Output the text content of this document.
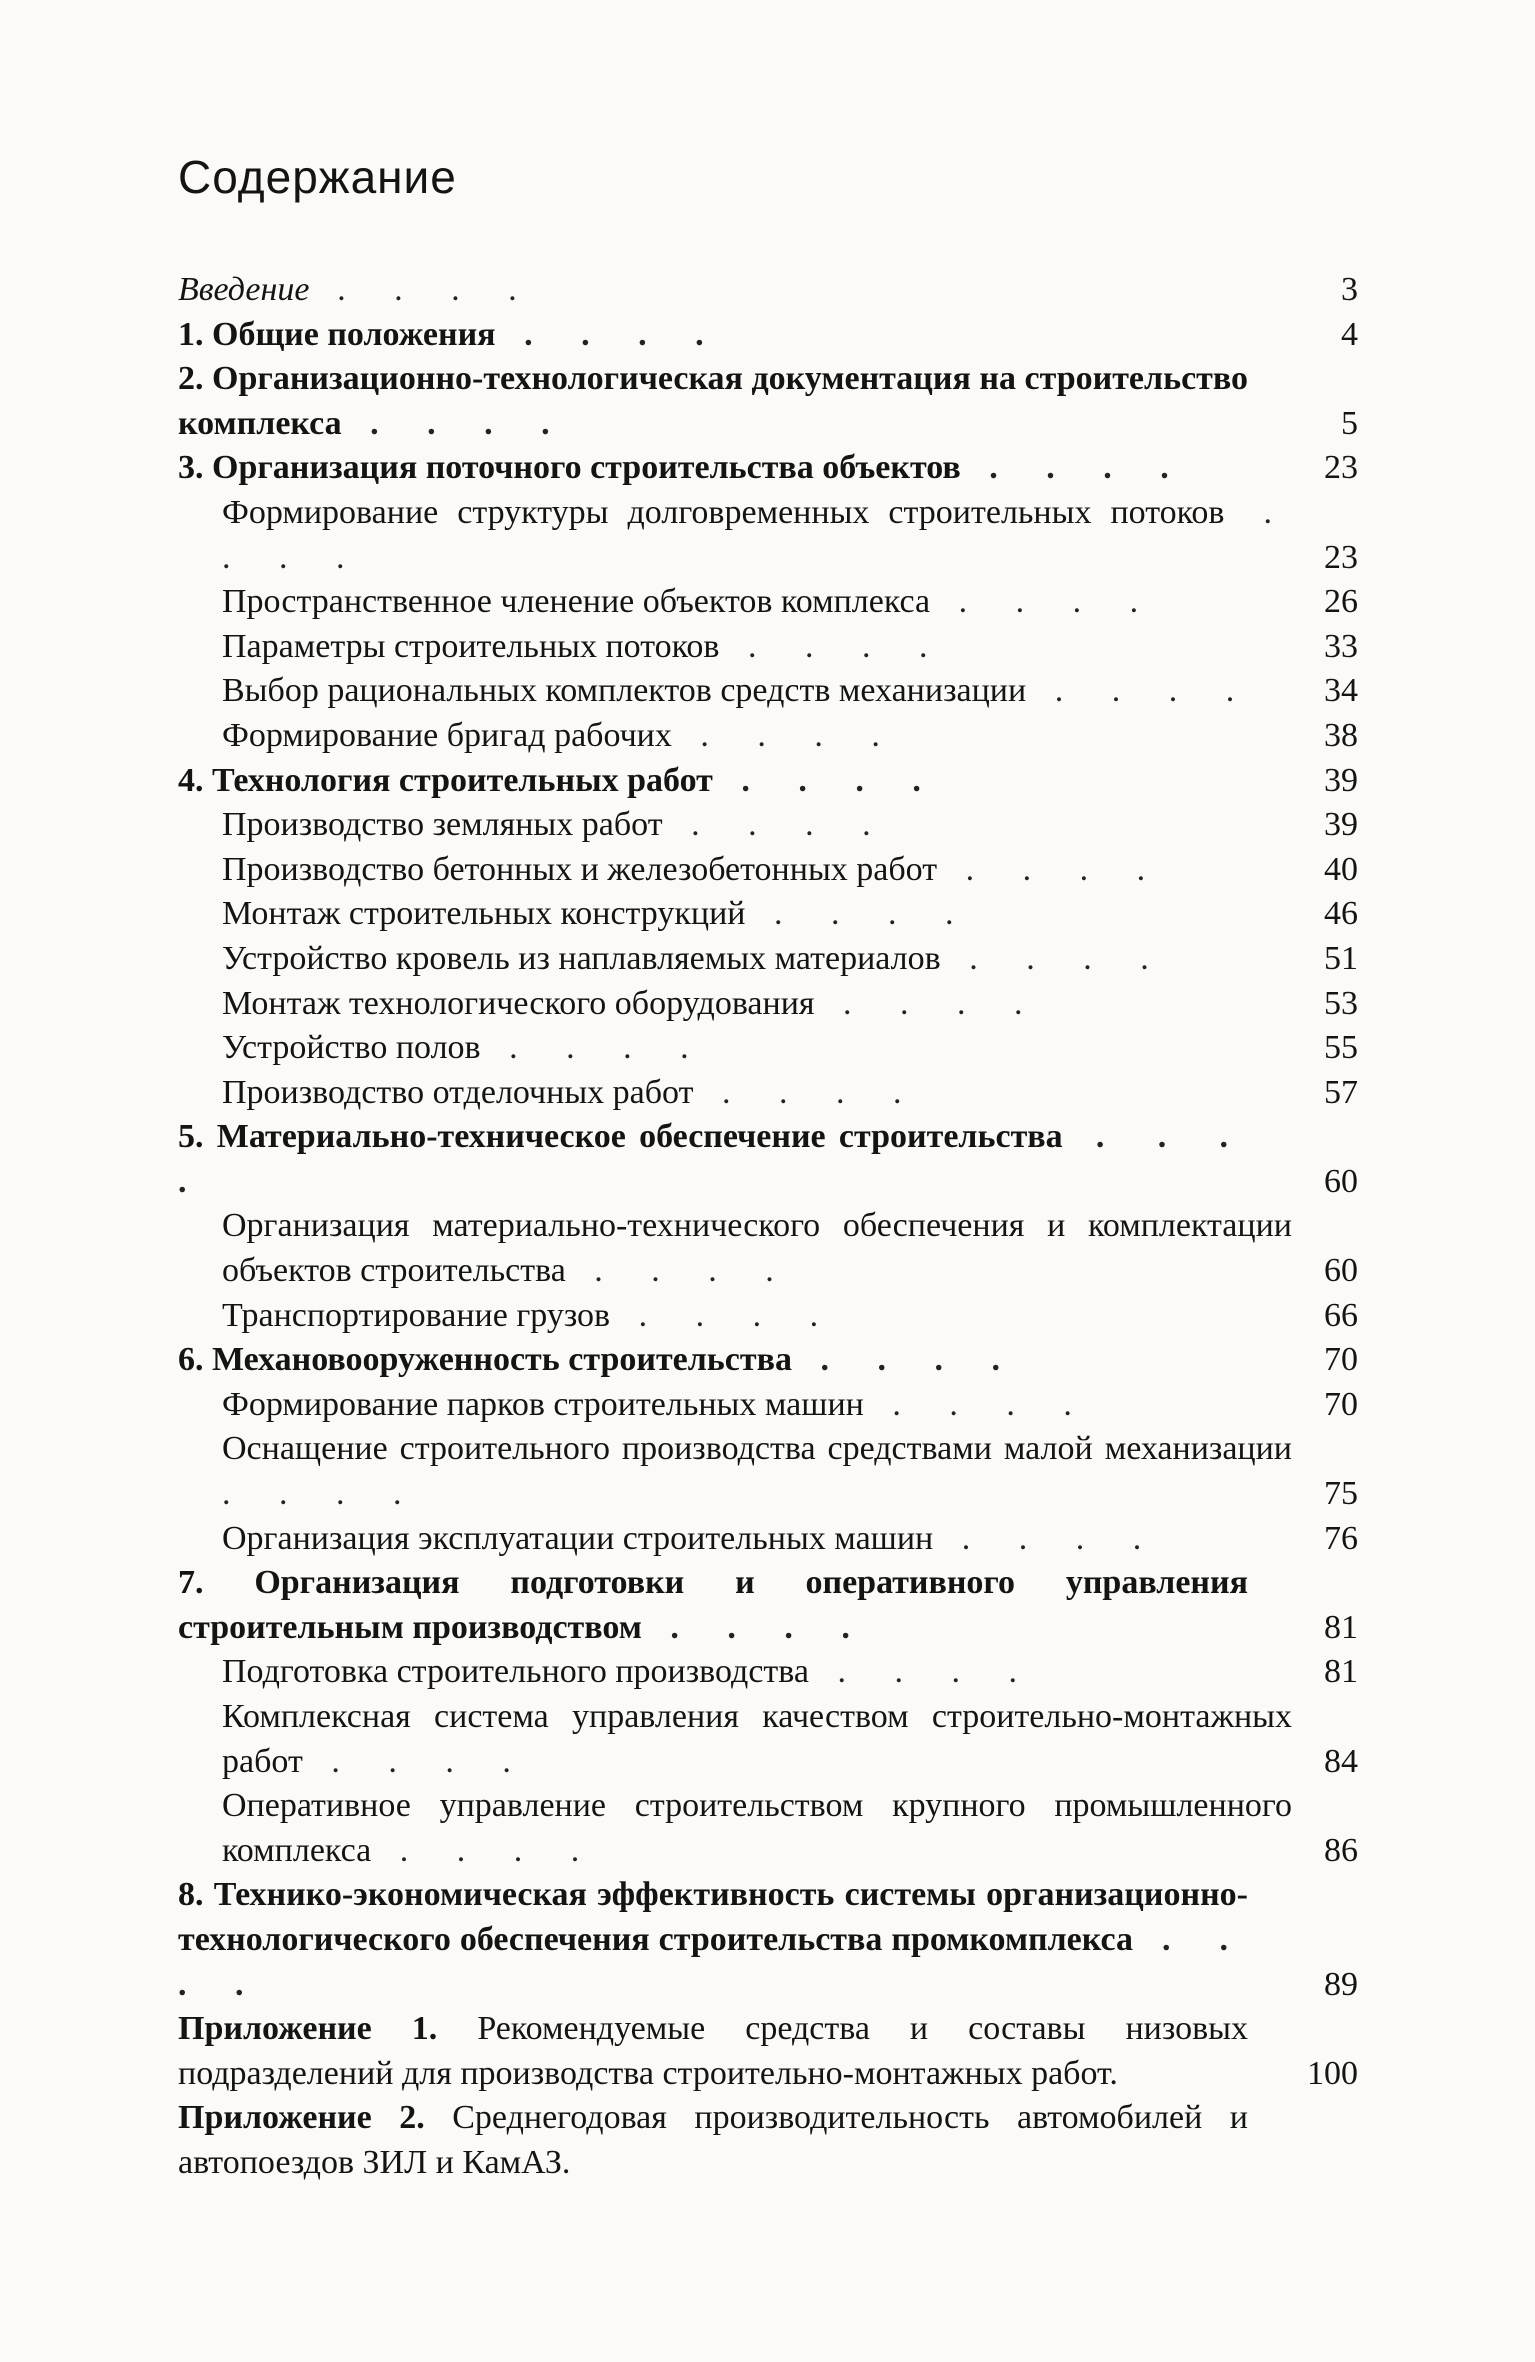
Содержание
Введение . . . .	3
1. Общие положения . . . .	4
2. Организационно-технологическая документация на строительство комплекса . . . .	5
3. Организация поточного строительства объектов . . . .	23
Формирование структуры долговременных строительных потоков . . . .	23
Пространственное членение объектов комплекса . . . .	26
Параметры строительных потоков . . . .	33
Выбор рациональных комплектов средств механизации . . . .	34
Формирование бригад рабочих . . . .	38
4. Технология строительных работ . . . .	39
Производство земляных работ . . . .	39
Производство бетонных и железобетонных работ . . . .	40
Монтаж строительных конструкций . . . .	46
Устройство кровель из наплавляемых материалов . . . .	51
Монтаж технологического оборудования . . . .	53
Устройство полов . . . .	55
Производство отделочных работ . . . .	57
5. Материально-техническое обеспечение строительства . . . .	60
Организация материально-технического обеспечения и комплектации объектов строительства . . . .	60
Транспортирование грузов . . . .	66
6. Механовооруженность строительства . . . .	70
Формирование парков строительных машин . . . .	70
Оснащение строительного производства средствами малой механизации . . . .	75
Организация эксплуатации строительных машин . . . .	76
7. Организация подготовки и оперативного управления строительным производством . . . .	81
Подготовка строительного производства . . . .	81
Комплексная система управления качеством строительно-монтажных работ . . . .	84
Оперативное управление строительством крупного промышленного комплекса . . . .	86
8. Технико-экономическая эффективность системы организационно-технологического обеспечения строительства промкомплекса . . . .	89
Приложение 1. Рекомендуемые средства и составы низовых подразделений для производства строительно-монтажных работ.	100
Приложение 2. Среднегодовая производительность автомобилей и автопоездов ЗИЛ и КамАЗ.
